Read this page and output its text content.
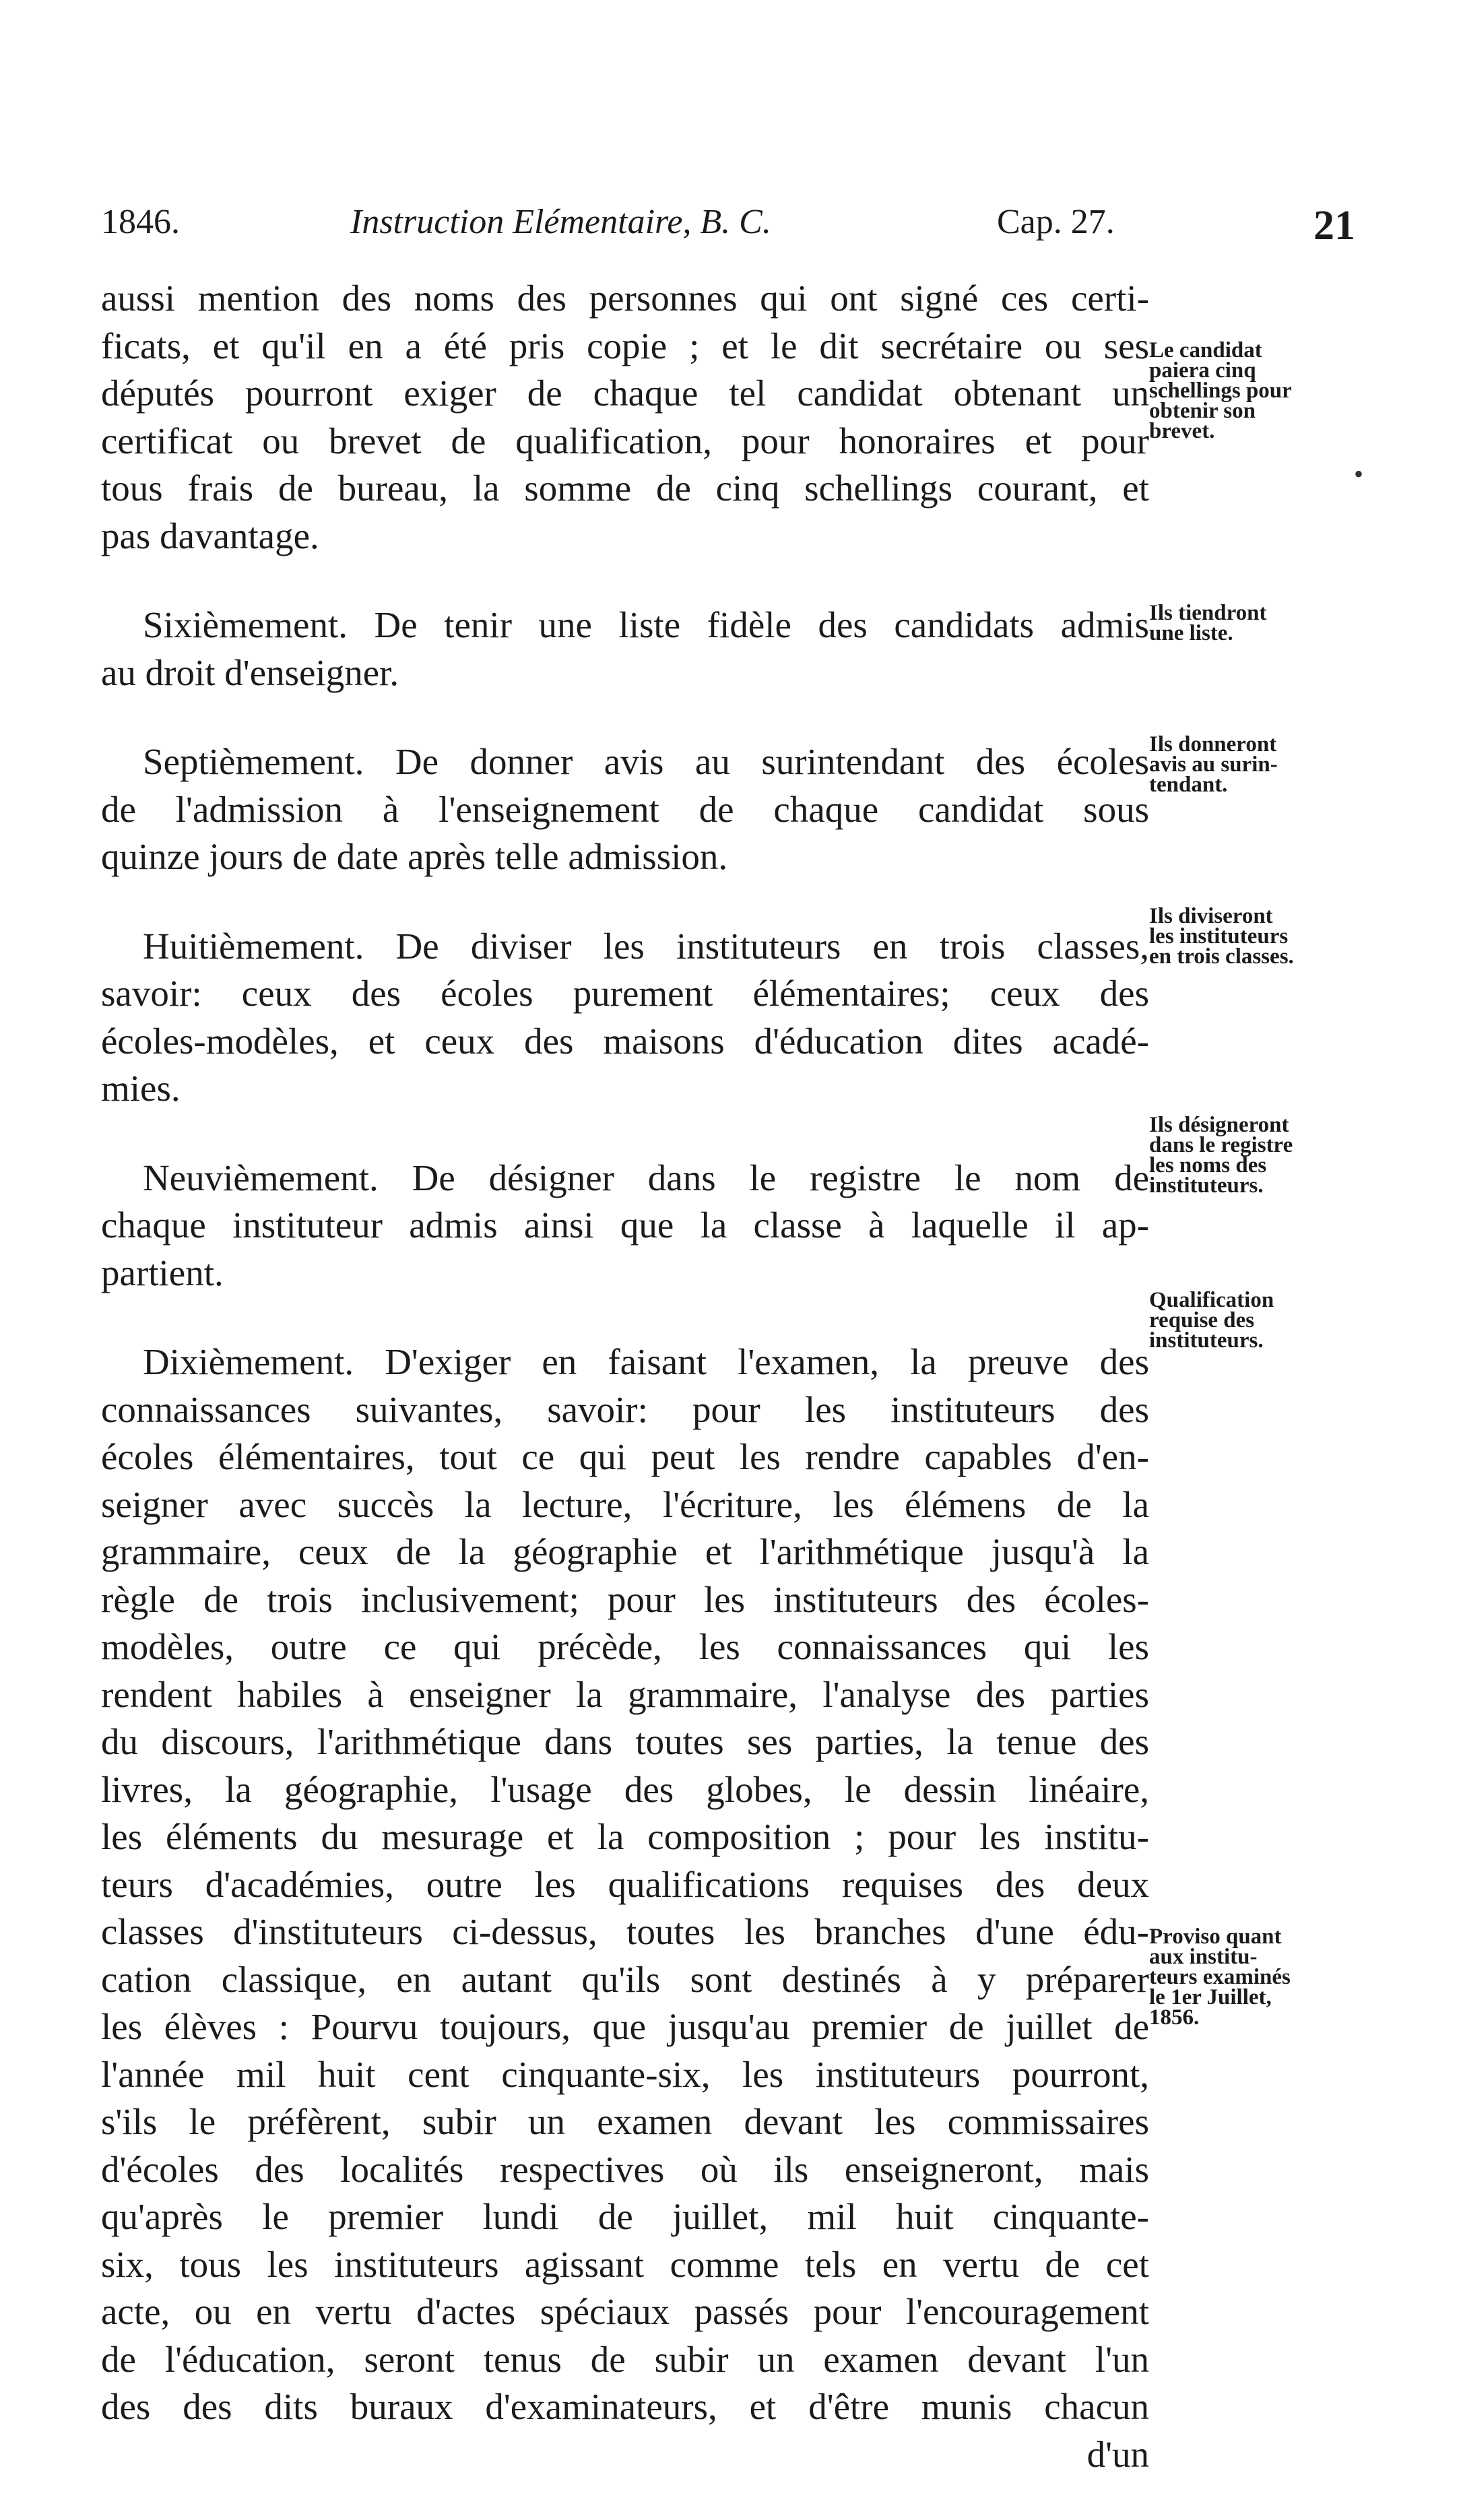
1846.	Instruction Elémentaire, B. C.	Cap. 27.	21
aussi mention des noms des personnes qui ont signé ces certi-
ficats, et qu'il en a été pris copie ; et le dit secrétaire ou ses
députés pourront exiger de chaque tel candidat obtenant un
certificat ou brevet de qualification, pour honoraires et pour
tous frais de bureau, la somme de cinq schellings courant, et
pas davantage.
Sixièmement. De tenir une liste fidèle des candidats admis
au droit d'enseigner.
Septièmement. De donner avis au surintendant des écoles
de l'admission à l'enseignement de chaque candidat sous
quinze jours de date après telle admission.
Huitièmement. De diviser les instituteurs en trois classes,
savoir: ceux des écoles purement élémentaires; ceux des
écoles-modèles, et ceux des maisons d'éducation dites acadé-
mies.
Neuvièmement. De désigner dans le registre le nom de
chaque instituteur admis ainsi que la classe à laquelle il ap-
partient.
Dixièmement. D'exiger en faisant l'examen, la preuve des
connaissances suivantes, savoir: pour les instituteurs des
écoles élémentaires, tout ce qui peut les rendre capables d'en-
seigner avec succès la lecture, l'écriture, les élémens de la
grammaire, ceux de la géographie et l'arithmétique jusqu'à la
règle de trois inclusivement; pour les instituteurs des écoles-
modèles, outre ce qui précède, les connaissances qui les
rendent habiles à enseigner la grammaire, l'analyse des parties
du discours, l'arithmétique dans toutes ses parties, la tenue des
livres, la géographie, l'usage des globes, le dessin linéaire,
les éléments du mesurage et la composition ; pour les institu-
teurs d'académies, outre les qualifications requises des deux
classes d'instituteurs ci-dessus, toutes les branches d'une édu-
cation classique, en autant qu'ils sont destinés à y préparer
les élèves : Pourvu toujours, que jusqu'au premier de juillet de
l'année mil huit cent cinquante-six, les instituteurs pourront,
s'ils le préfèrent, subir un examen devant les commissaires
d'écoles des localités respectives où ils enseigneront, mais
qu'après le premier lundi de juillet, mil huit cinquante-
six, tous les instituteurs agissant comme tels en vertu de cet
acte, ou en vertu d'actes spéciaux passés pour l'encouragement
de l'éducation, seront tenus de subir un examen devant l'un
des des dits buraux d'examinateurs, et d'être munis chacun
d'un
Le candidat
paiera cinq
schellings pour
obtenir son
brevet.
Ils tiendront
une liste.
Ils donneront
avis au surin-
tendant.
Ils diviseront
les instituteurs
en trois classes.
Ils désigneront
dans le registre
les noms des
instituteurs.
Qualification
requise des
instituteurs.
Proviso quant
aux institu-
teurs examinés
le 1er Juillet,
1856.
•
